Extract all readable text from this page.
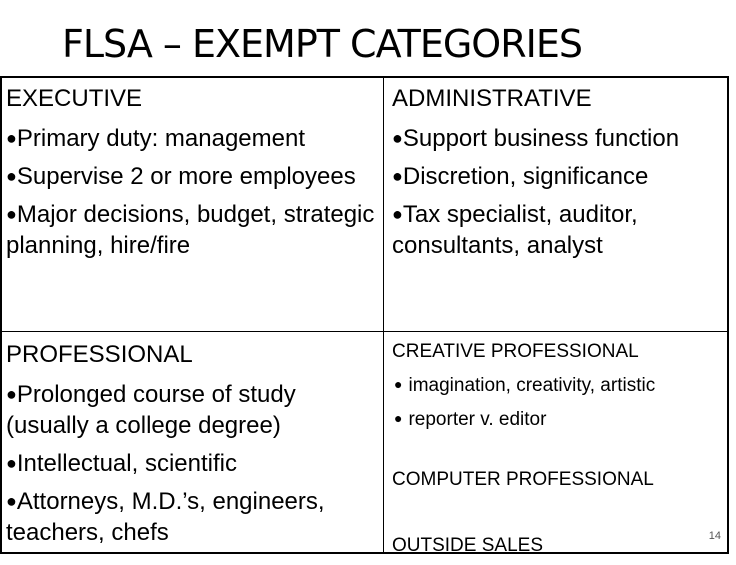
FLSA – EXEMPT CATEGORIES
EXECUTIVE
●Primary duty: management
●Supervise 2 or more employees
●Major decisions, budget, strategic planning, hire/fire
ADMINISTRATIVE
●Support business function
●Discretion, significance
●Tax specialist, auditor, consultants, analyst
PROFESSIONAL
●Prolonged course of study (usually a college degree)
●Intellectual, scientific
●Attorneys, M.D.’s, engineers, teachers, chefs
CREATIVE PROFESSIONAL
● imagination, creativity, artistic
● reporter v. editor
COMPUTER PROFESSIONAL
OUTSIDE SALES	14
